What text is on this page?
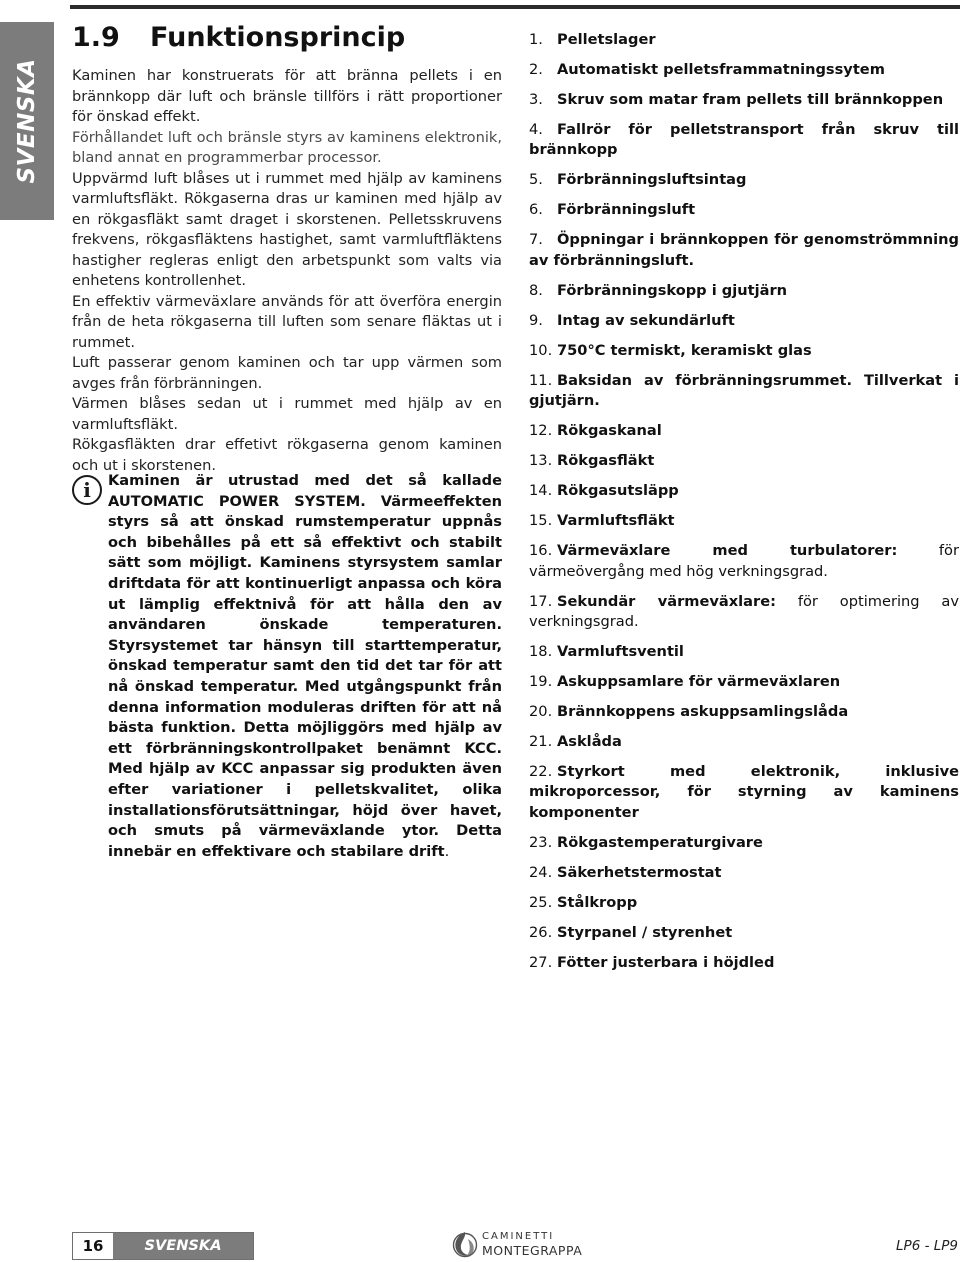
SVENSKA
1.9 Funktionsprincip

Kaminen har konstruerats för att bränna pellets i en brännkopp där luft och bränsle tillförs i rätt proportioner för önskad effekt.

Förhållandet luft och bränsle styrs av kaminens elektronik, bland annat en programmerbar processor.

Uppvärmd luft blåses ut i rummet med hjälp av kaminens varmluftsfläkt. Rökgaserna dras ur kaminen med hjälp av en rökgasfläkt samt draget i skorstenen. Pelletsskruvens frekvens, rökgasfläktens hastighet, samt varmluftfläktens hastigher regleras enligt den arbetspunkt som valts via enhetens kontrollenhet.

En effektiv värmeväxlare används för att överföra energin från de heta rökgaserna till luften som senare fläktas ut i rummet.

Luft passerar genom kaminen och tar upp värmen som avges från förbränningen.

Värmen blåses sedan ut i rummet med hjälp av en varmluftsfläkt.

Rökgasfläkten drar effetivt rökgaserna genom kaminen och ut i skorstenen.

i	Kaminen är utrustad med det så kallade AUTOMATIC POWER SYSTEM. Värmeeffekten styrs så att önskad rumstemperatur uppnås och bibehålles på ett så effektivt och stabilt sätt som möjligt. Kaminens styrsystem samlar driftdata för att kontinuerligt anpassa och köra ut lämplig effektnivå för att hålla den av användaren önskade temperaturen. Styrsystemet tar hänsyn till starttemperatur, önskad temperatur samt den tid det tar för att nå önskad temperatur. Med utgångspunkt från denna information moduleras driften för att nå bästa funktion. Detta möjliggörs med hjälp av ett förbränningskontrollpaket benämnt KCC. Med hjälp av KCC anpassar sig produkten även efter variationer i pelletskvalitet, olika installationsförutsättningar, höjd över havet, och smuts på värmeväxlande ytor. Detta innebär en effektivare och stabilare drift.
1. Pelletslager
2. Automatiskt pelletsframmatningssytem
3. Skruv som matar fram pellets till brännkoppen
4. Fallrör för pelletstransport från skruv till brännkopp
5. Förbränningsluftsintag
6. Förbränningsluft
7. Öppningar i brännkoppen för genomströmmning av förbränningsluft.
8. Förbränningskopp i gjutjärn
9. Intag av sekundärluft
10. 750°C termiskt, keramiskt glas
11. Baksidan av förbränningsrummet. Tillverkat i gjutjärn.
12. Rökgaskanal
13. Rökgasfläkt
14. Rökgasutsläpp
15. Varmluftsfläkt
16. Värmeväxlare med turbulatorer:	för värmeövergång med hög verkningsgrad.
17. Sekundär värmeväxlare: för optimering av verkningsgrad.
18. Varmluftsventil
19. Askuppsamlare för värmeväxlaren
20. Brännkoppens askuppsamlingslåda
21. Asklåda
22. Styrkort med elektronik, inklusive mikroporcessor, för styrning av kaminens komponenter
23. Rökgastemperaturgivare
24. Säkerhetstermostat
25. Stålkropp
26. Styrpanel / styrenhet
27. Fötter justerbara i höjdled
16	SVENSKA
CAMINETTI
MONTEGRAPPA	LP6 - LP9
